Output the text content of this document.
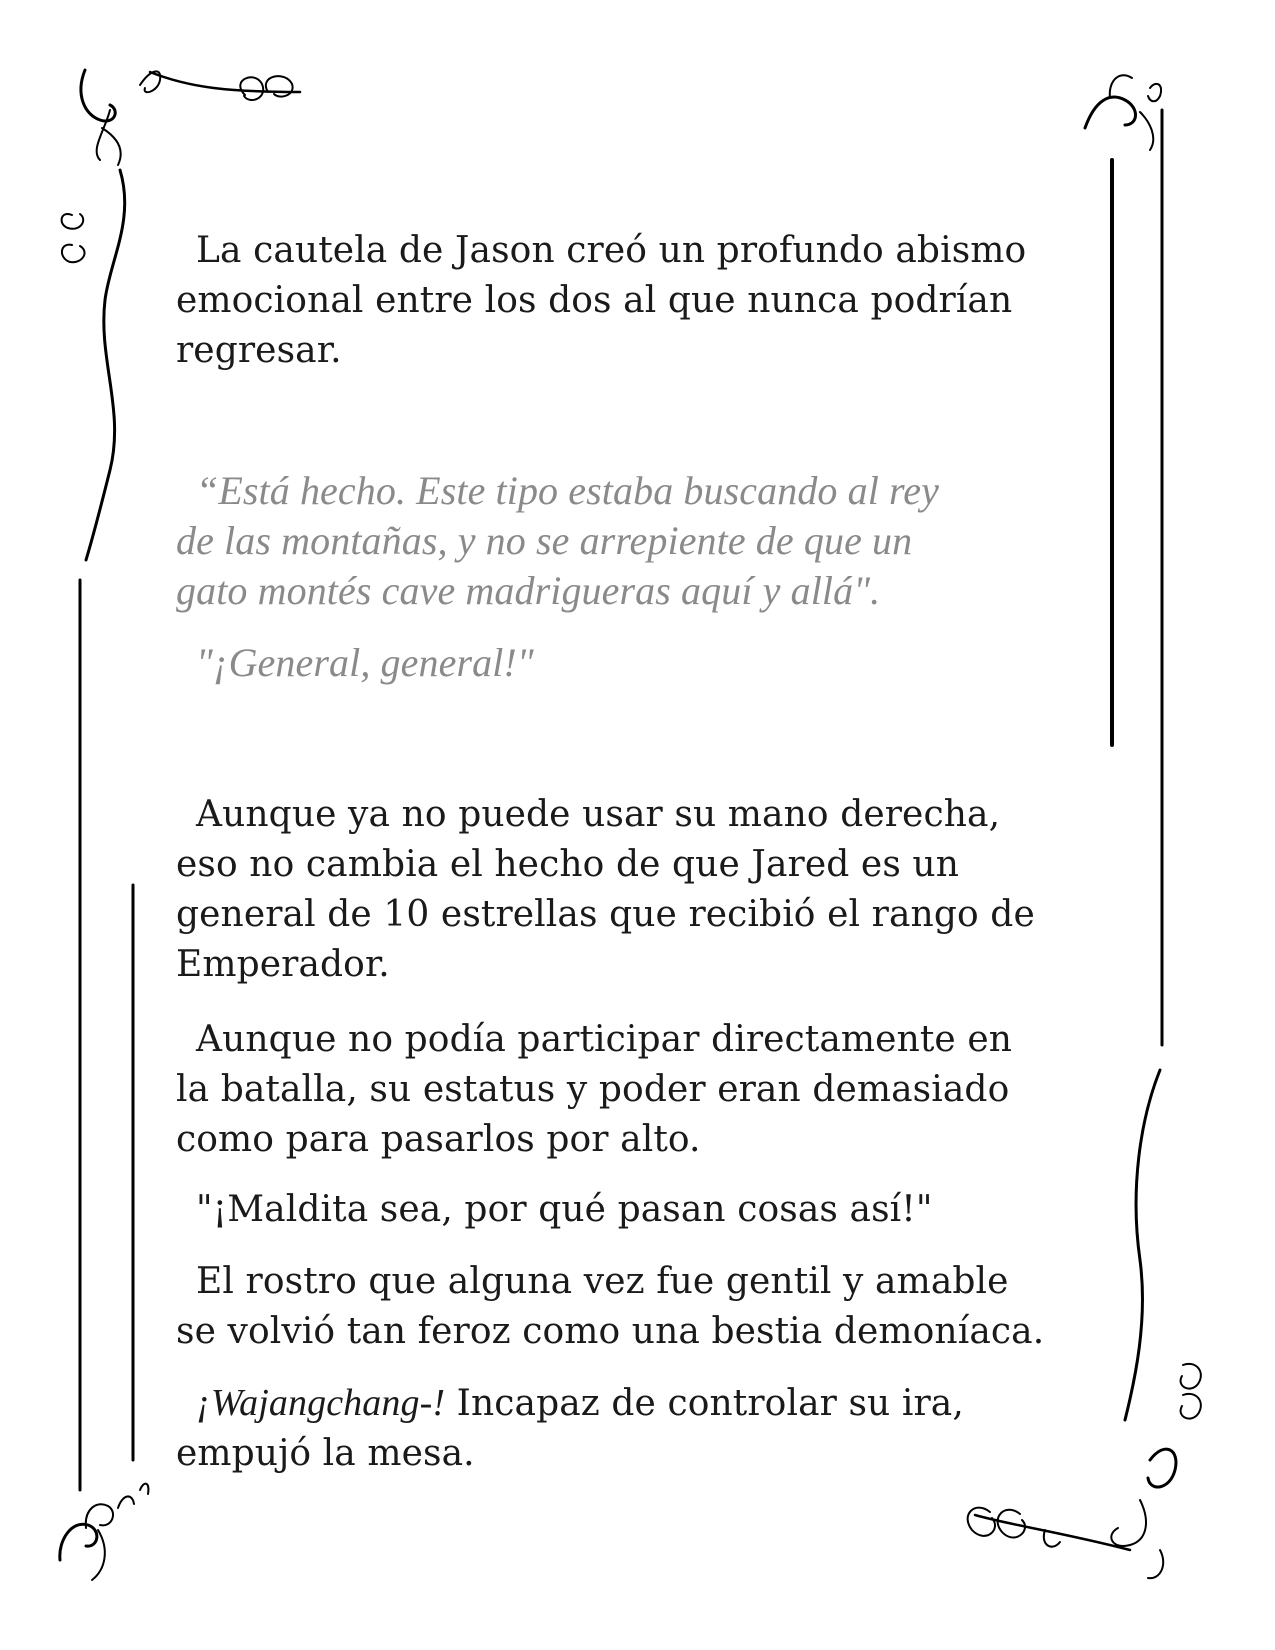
La cautela de Jason creó un profundo abismo
emocional entre los dos al que nunca podrían
regresar.

“Está hecho. Este tipo estaba buscando al rey
de las montañas, y no se arrepiente de que un
gato montés cave madrigueras aquí y allá".

"¡General, general!"

Aunque ya no puede usar su mano derecha,
eso no cambia el hecho de que Jared es un
general de 10 estrellas que recibió el rango de
Emperador.

Aunque no podía participar directamente en
la batalla, su estatus y poder eran demasiado
como para pasarlos por alto.

"¡Maldita sea, por qué pasan cosas así!"

El rostro que alguna vez fue gentil y amable
se volvió tan feroz como una bestia demoníaca.

¡Wajangchang-! Incapaz de controlar su ira,
empujó la mesa.
